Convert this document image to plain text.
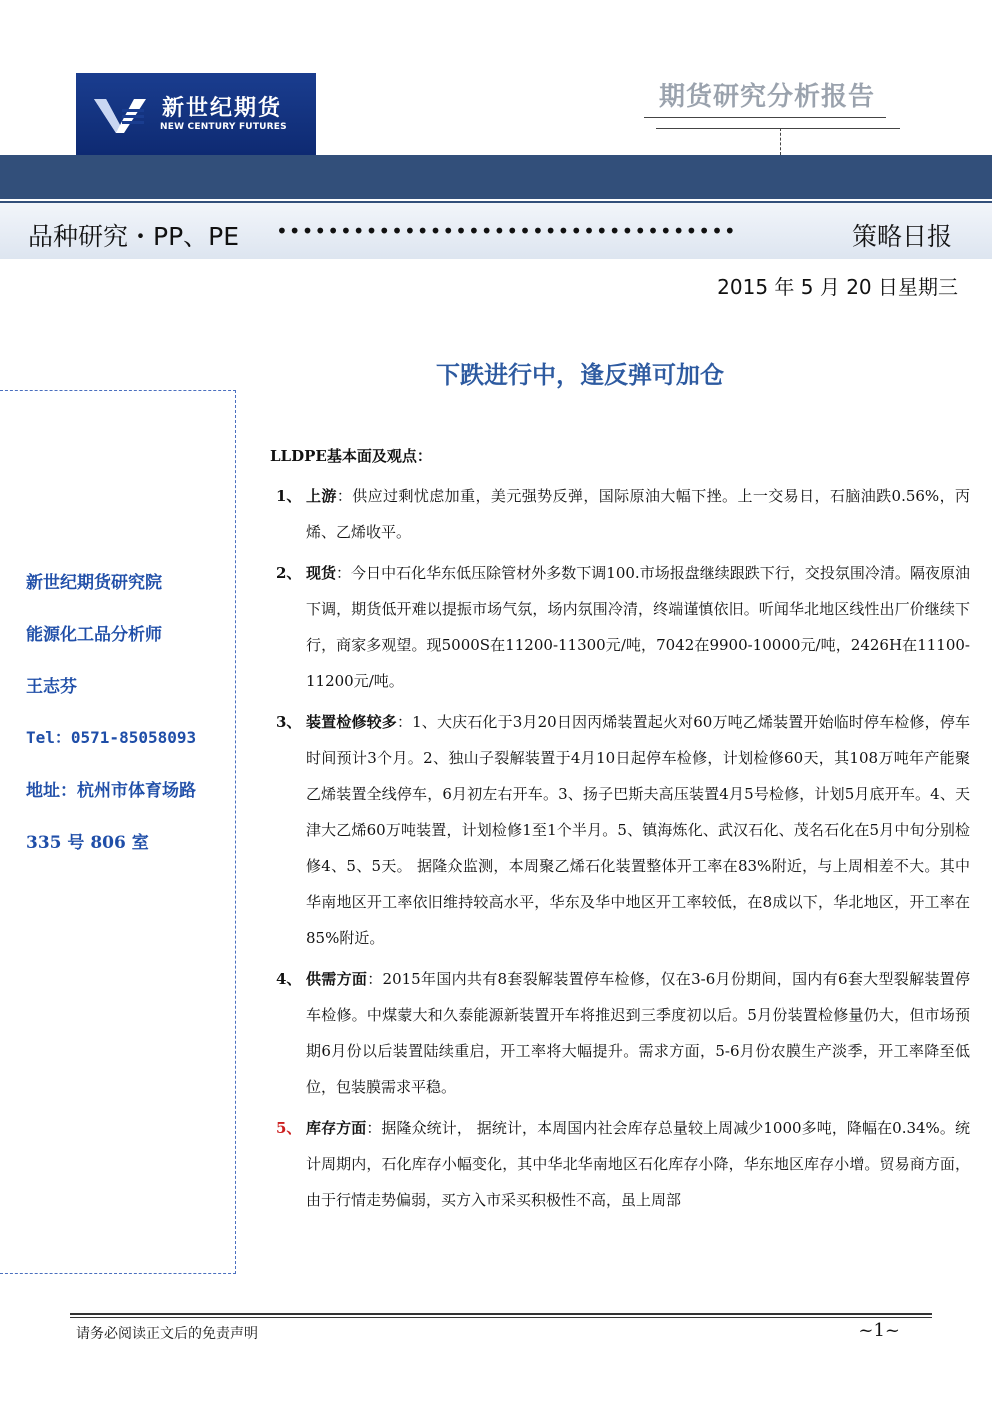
新世纪期货
NEW CENTURY FUTURES
期货研究分析报告
品种研究・PP、PE ••••••••••••••••••••••••••••••••••••	策略日报
2015 年 5 月 20 日星期三
下跌进行中，逢反弹可加仓
新世纪期货研究院
能源化工品分析师
王志芬
Tel：0571-85058093
地址：杭州市体育场路
335 号 806 室
LLDPE基本面及观点：

1、 上游：供应过剩忧虑加重，美元强势反弹，国际原油大幅下挫。上一交易日，石脑油跌0.56%，丙烯、乙烯收平。

2、 现货：今日中石化华东低压除管材外多数下调100.市场报盘继续跟跌下行，交投氛围冷清。隔夜原油下调，期货低开难以提振市场气氛，场内氛围冷清，终端谨慎依旧。听闻华北地区线性出厂价继续下行，商家多观望。现5000S在11200-11300元/吨，7042在9900-10000元/吨，2426H在11100-11200元/吨。

3、 装置检修较多：1、大庆石化于3月20日因丙烯装置起火对60万吨乙烯装置开始临时停车检修，停车时间预计3个月。2、独山子裂解装置于4月10日起停车检修，计划检修60天，其108万吨年产能聚乙烯装置全线停车，6月初左右开车。3、扬子巴斯夫高压装置4月5号检修，计划5月底开车。4、天津大乙烯60万吨装置，计划检修1至1个半月。5、镇海炼化、武汉石化、茂名石化在5月中旬分别检修4、5、5天。 据隆众监测，本周聚乙烯石化装置整体开工率在83%附近，与上周相差不大。其中华南地区开工率依旧维持较高水平，华东及华中地区开工率较低，在8成以下，华北地区，开工率在85%附近。

4、 供需方面：2015年国内共有8套裂解装置停车检修，仅在3-6月份期间，国内有6套大型裂解装置停车检修。中煤蒙大和久泰能源新装置开车将推迟到三季度初以后。5月份装置检修量仍大，但市场预期6月份以后装置陆续重启，开工率将大幅提升。需求方面，5-6月份农膜生产淡季，开工率降至低位，包装膜需求平稳。

5、 库存方面：据隆众统计， 据统计，本周国内社会库存总量较上周减少1000多吨，降幅在0.34%。统计周期内，石化库存小幅变化，其中华北华南地区石化库存小降，华东地区库存小增。贸易商方面，由于行情走势偏弱，买方入市采买积极性不高，虽上周部

请务必阅读正文后的免责声明	~1~
